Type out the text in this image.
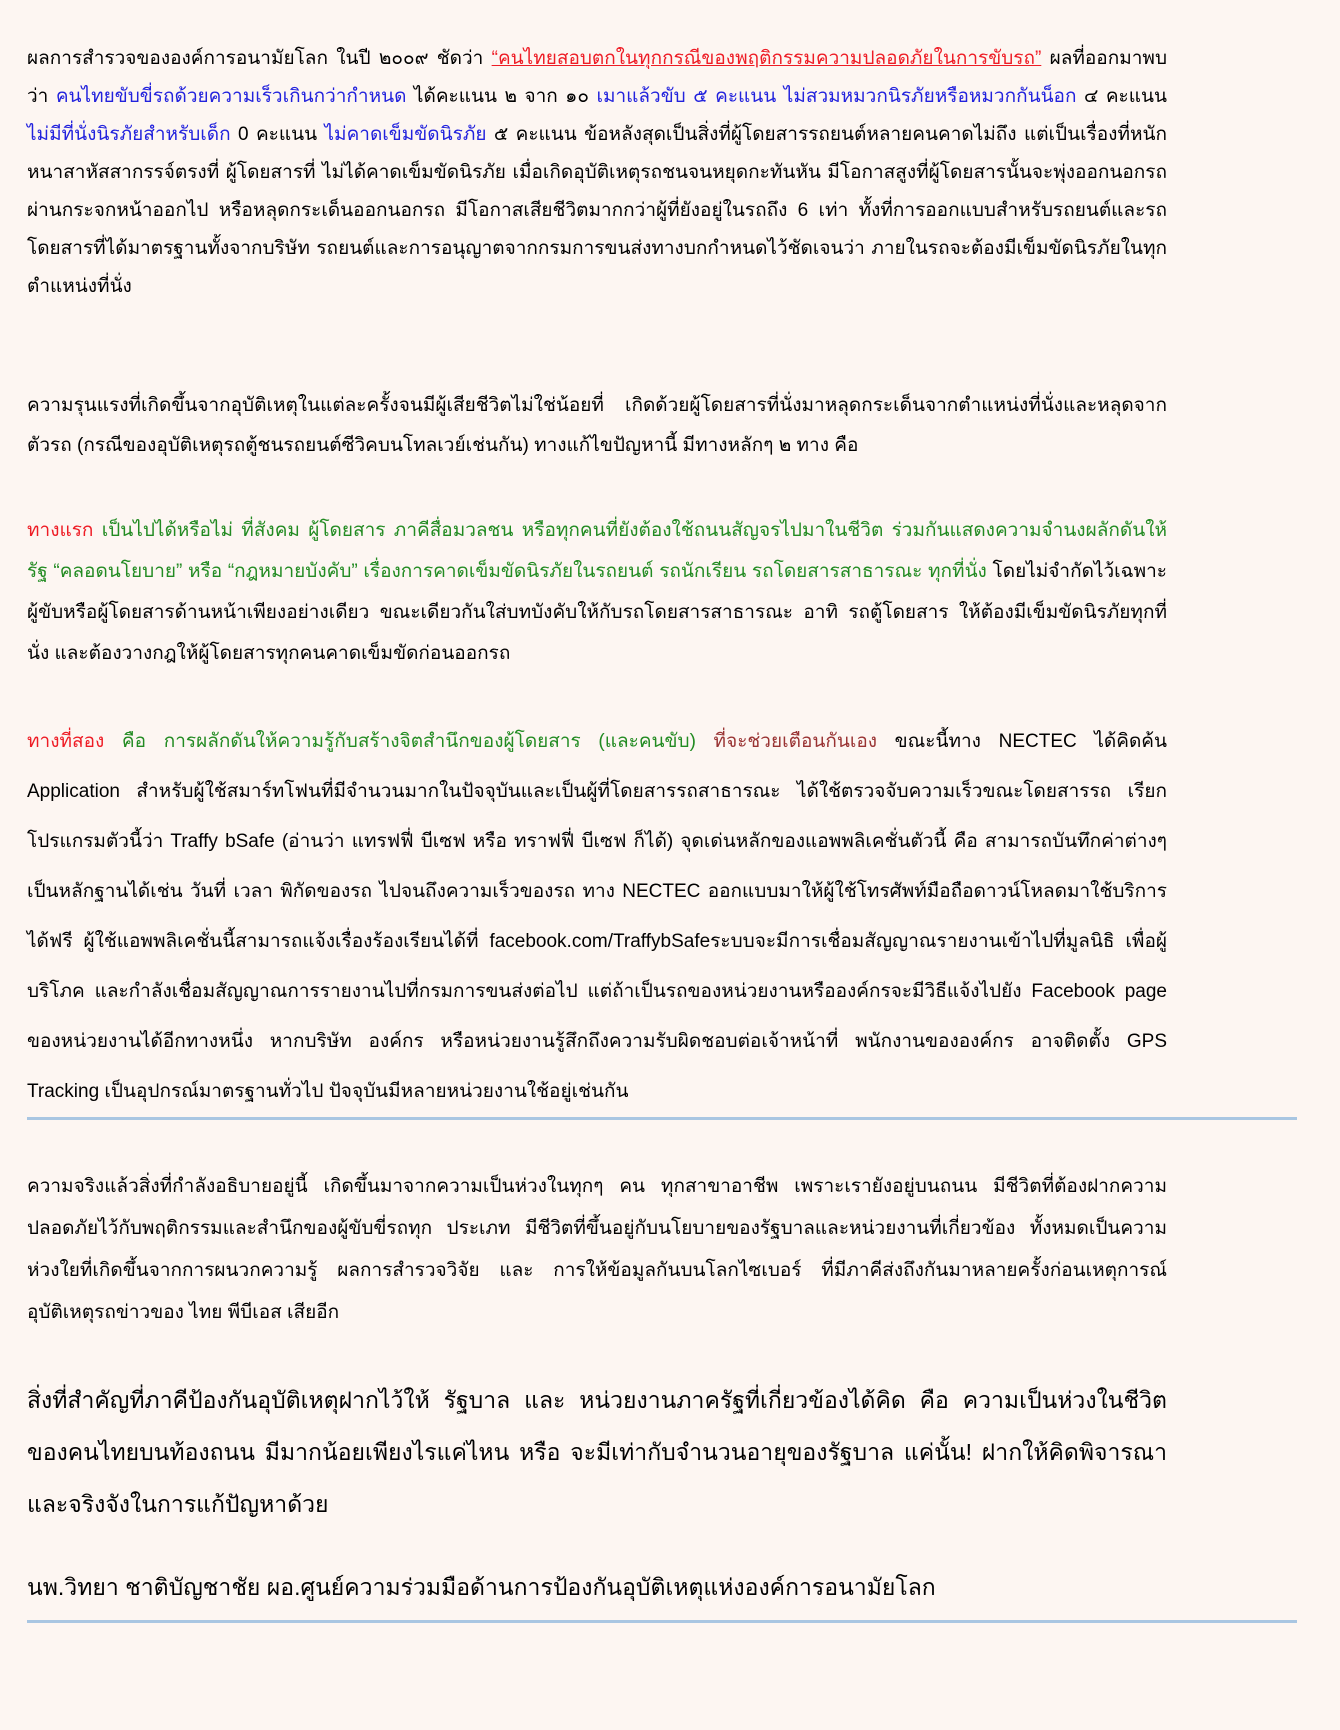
ผลการสำรวจขององค์การอนามัยโลก ในปี ๒๐๐๙ ชัดว่า “คนไทยสอบตกในทุกกรณีของพฤติกรรมความปลอดภัยในการขับรถ” ผลที่ออกมาพบว่า คนไทยขับขี่รถด้วยความเร็วเกินกว่ากำหนด ได้คะแนน ๒ จาก ๑๐ เมาแล้วขับ ๕ คะแนน ไม่สวมหมวกนิรภัยหรือหมวกกันน็อก ๔ คะแนน ไม่มีที่นั่งนิรภัยสำหรับเด็ก 0 คะแนน ไม่คาดเข็มขัดนิรภัย ๕ คะแนน ข้อหลังสุดเป็นสิ่งที่ผู้โดยสารรถยนต์หลายคนคาดไม่ถึง แต่เป็นเรื่องที่หนักหนาสาหัสสากรรจ์ตรงที่ ผู้โดยสารที่ ไม่ได้คาดเข็มขัดนิรภัย เมื่อเกิดอุบัติเหตุรถชนจนหยุดกะทันหัน มีโอกาสสูงที่ผู้โดยสารนั้นจะพุ่งออกนอกรถผ่านกระจกหน้าออกไป หรือหลุดกระเด็นออกนอกรถ มีโอกาสเสียชีวิตมากกว่าผู้ที่ยังอยู่ในรถถึง 6 เท่า ทั้งที่การออกแบบสำหรับรถยนต์และรถโดยสารที่ได้มาตรฐานทั้งจากบริษัท รถยนต์และการอนุญาตจากกรมการขนส่งทางบกกำหนดไว้ชัดเจนว่า ภายในรถจะต้องมีเข็มขัดนิรภัยในทุกตำแหน่งที่นั่ง

ความรุนแรงที่เกิดขึ้นจากอุบัติเหตุในแต่ละครั้งจนมีผู้เสียชีวิตไม่ใช่น้อยที่ เกิดด้วยผู้โดยสารที่นั่งมาหลุดกระเด็นจากตำแหน่งที่นั่งและหลุดจากตัวรถ (กรณีของอุบัติเหตุรถตู้ชนรถยนต์ซีวิคบนโทลเวย์เช่นกัน) ทางแก้ไขปัญหานี้ มีทางหลักๆ ๒ ทาง คือ

ทางแรก เป็นไปได้หรือไม่ ที่สังคม ผู้โดยสาร ภาคีสื่อมวลชน หรือทุกคนที่ยังต้องใช้ถนนสัญจรไปมาในชีวิต ร่วมกันแสดงความจำนงผลักดันให้รัฐ “คลอดนโยบาย” หรือ “กฎหมายบังคับ” เรื่องการคาดเข็มขัดนิรภัยในรถยนต์ รถนักเรียน รถโดยสารสาธารณะ ทุกที่นั่ง โดยไม่จำกัดไว้เฉพาะผู้ขับหรือผู้โดยสารด้านหน้าเพียงอย่างเดียว ขณะเดียวกันใส่บทบังคับให้กับรถโดยสารสาธารณะ อาทิ รถตู้โดยสาร ให้ต้องมีเข็มขัดนิรภัยทุกที่นั่ง และต้องวางกฎให้ผู้โดยสารทุกคนคาดเข็มขัดก่อนออกรถ

ทางที่สอง คือ การผลักดันให้ความรู้กับสร้างจิตสำนึกของผู้โดยสาร (และคนขับ) ที่จะช่วยเตือนกันเอง ขณะนี้ทาง NECTEC ได้คิดค้น Application สำหรับผู้ใช้สมาร์ทโฟนที่มีจำนวนมากในปัจจุบันและเป็นผู้ที่โดยสารรถสาธารณะ ได้ใช้ตรวจจับความเร็วขณะโดยสารรถ เรียกโปรแกรมตัวนี้ว่า Traffy bSafe (อ่านว่า แทรฟฟี่ บีเซฟ หรือ ทราฟฟี่ บีเซฟ ก็ได้) จุดเด่นหลักของแอพพลิเคชั่นตัวนี้ คือ สามารถบันทึกค่าต่างๆ เป็นหลักฐานได้เช่น วันที่ เวลา พิกัดของรถ ไปจนถึงความเร็วของรถ ทาง NECTEC ออกแบบมาให้ผู้ใช้โทรศัพท์มือถือดาวน์โหลดมาใช้บริการได้ฟรี ผู้ใช้แอพพลิเคชั่นนี้สามารถแจ้งเรื่องร้องเรียนได้ที่ facebook.com/TraffybSafeระบบจะมีการเชื่อมสัญญาณรายงานเข้าไปที่มูลนิธิ เพื่อผู้บริโภค และกำลังเชื่อมสัญญาณการรายงานไปที่กรมการขนส่งต่อไป แต่ถ้าเป็นรถของหน่วยงานหรือองค์กรจะมีวิธีแจ้งไปยัง Facebook page ของหน่วยงานได้อีกทางหนึ่ง หากบริษัท องค์กร หรือหน่วยงานรู้สึกถึงความรับผิดชอบต่อเจ้าหน้าที่ พนักงานขององค์กร อาจติดตั้ง GPS Tracking เป็นอุปกรณ์มาตรฐานทั่วไป ปัจจุบันมีหลายหน่วยงานใช้อยู่เช่นกัน

ความจริงแล้วสิ่งที่กำลังอธิบายอยู่นี้ เกิดขึ้นมาจากความเป็นห่วงในทุกๆ คน ทุกสาขาอาชีพ เพราะเรายังอยู่บนถนน มีชีวิตที่ต้องฝากความปลอดภัยไว้กับพฤติกรรมและสำนึกของผู้ขับขี่รถทุก ประเภท มีชีวิตที่ขึ้นอยู่กับนโยบายของรัฐบาลและหน่วยงานที่เกี่ยวข้อง ทั้งหมดเป็นความห่วงใยที่เกิดขึ้นจากการผนวกความรู้ ผลการสำรวจวิจัย และ การให้ข้อมูลกันบนโลกไซเบอร์ ที่มีภาคีส่งถึงกันมาหลายครั้งก่อนเหตุการณ์อุบัติเหตุรถข่าวของ ไทย พีบีเอส เสียอีก

สิ่งที่สำคัญที่ภาคีป้องกันอุบัติเหตุฝากไว้ให้ รัฐบาล และ หน่วยงานภาครัฐที่เกี่ยวข้องได้คิด คือ ความเป็นห่วงในชีวิตของคนไทยบนท้องถนน มีมากน้อยเพียงไรแค่ไหน หรือ จะมีเท่ากับจำนวนอายุของรัฐบาล แค่นั้น! ฝากให้คิดพิจารณาและจริงจังในการแก้ปัญหาด้วย

นพ.วิทยา ชาติบัญชาชัย ผอ.ศูนย์ความร่วมมือด้านการป้องกันอุบัติเหตุแห่งองค์การอนามัยโลก
